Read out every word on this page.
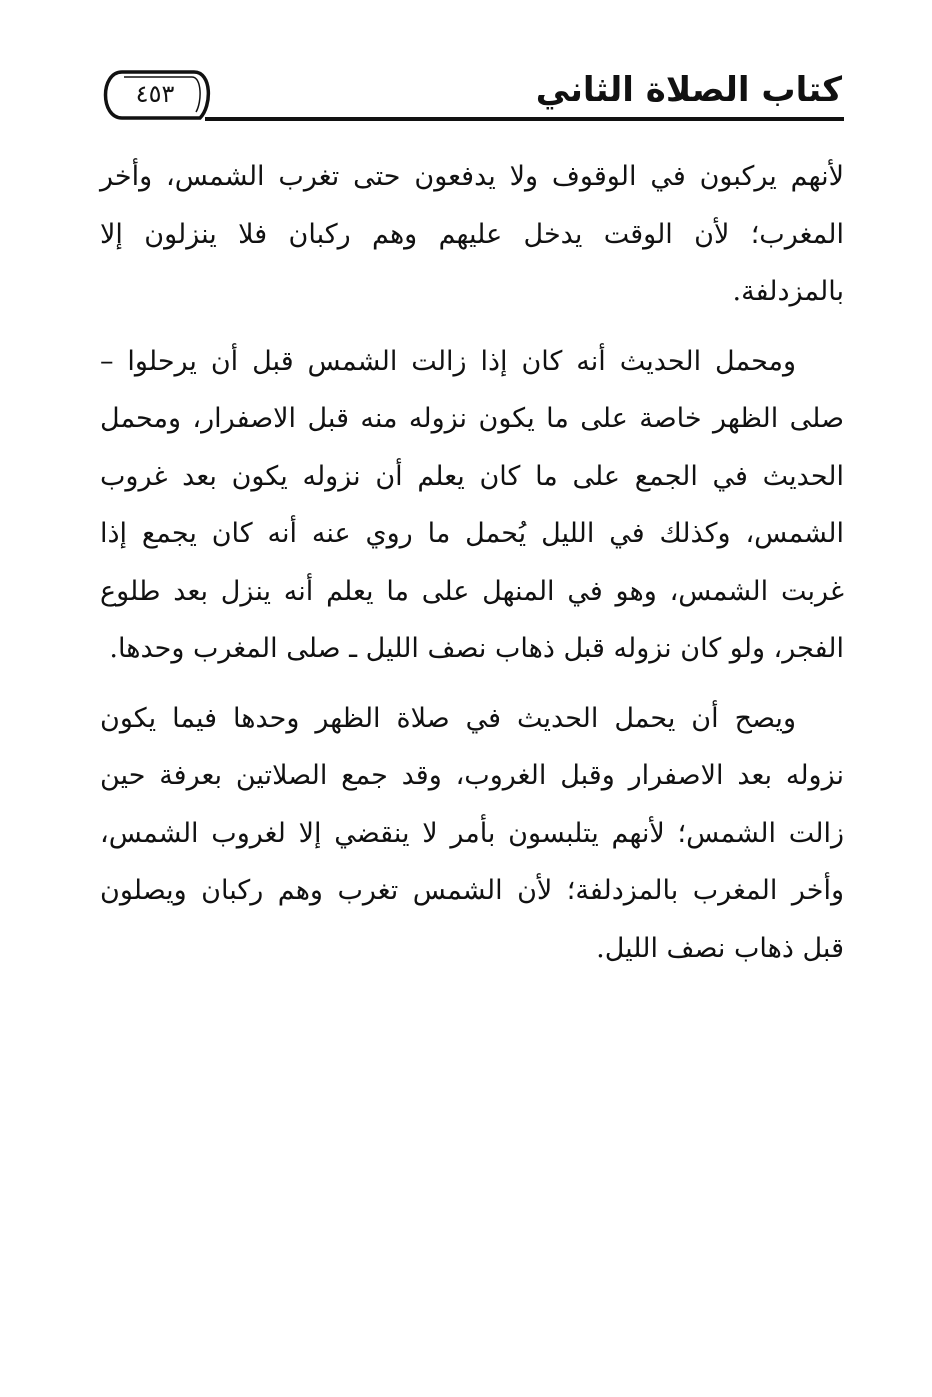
كتاب الصلاة الثاني
٤٥٣

لأنهم يركبون في الوقوف ولا يدفعون حتى تغرب الشمس، وأخر المغرب؛ لأن الوقت يدخل عليهم وهم ركبان فلا ينزلون إلا بالمزدلفة.

ومحمل الحديث أنه كان إذا زالت الشمس قبل أن يرحلوا –صلى الظهر خاصة على ما يكون نزوله منه قبل الاصفرار، ومحمل الحديث في الجمع على ما كان يعلم أن نزوله يكون بعد غروب الشمس، وكذلك في الليل يُحمل ما روي عنه أنه كان يجمع إذا غربت الشمس، وهو في المنهل على ما يعلم أنه ينزل بعد طلوع الفجر، ولو كان نزوله قبل ذهاب نصف الليل ـ صلى المغرب وحدها.

ويصح أن يحمل الحديث في صلاة الظهر وحدها فيما يكون نزوله بعد الاصفرار وقبل الغروب، وقد جمع الصلاتين بعرفة حين زالت الشمس؛ لأنهم يتلبسون بأمر لا ينقضي إلا لغروب الشمس، وأخر المغرب بالمزدلفة؛ لأن الشمس تغرب وهم ركبان ويصلون قبل ذهاب نصف الليل.
